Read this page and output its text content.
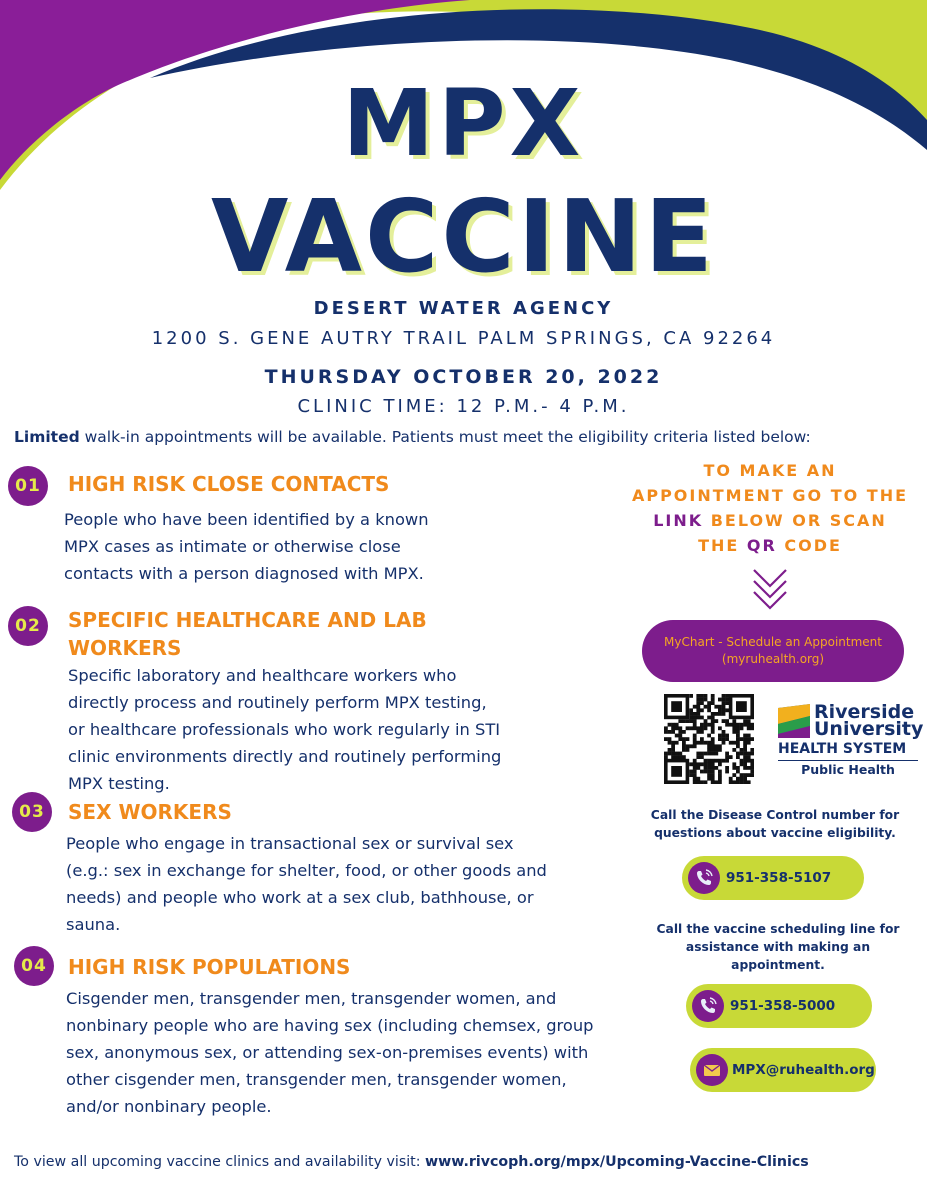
MPX
VACCINE
DESERT WATER AGENCY
1200 S. GENE AUTRY TRAIL PALM SPRINGS, CA 92264
THURSDAY OCTOBER 20, 2022
CLINIC TIME: 12 P.M.- 4 P.M.
Limited walk-in appointments will be available. Patients must meet the eligibility criteria listed below:
01	HIGH RISK CLOSE CONTACTS
People who have been identified by a known
MPX cases as intimate or otherwise close
contacts with a person diagnosed with MPX.
02	SPECIFIC HEALTHCARE AND LAB
WORKERS
Specific laboratory and healthcare workers who
directly process and routinely perform MPX testing,
or healthcare professionals who work regularly in STI
clinic environments directly and routinely performing
MPX testing.
03	SEX WORKERS
People who engage in transactional sex or survival sex
(e.g.: sex in exchange for shelter, food, or other goods and
needs) and people who work at a sex club, bathhouse, or
sauna.
04	HIGH RISK POPULATIONS
Cisgender men, transgender men, transgender women, and
nonbinary people who are having sex (including chemsex, group
sex, anonymous sex, or attending sex-on-premises events) with
other cisgender men, transgender men, transgender women,
and/or nonbinary people.
TO MAKE AN
APPOINTMENT GO TO THE
LINK BELOW OR SCAN
THE QR CODE
MyChart - Schedule an Appointment
(myruhealth.org)
Riverside
University
HEALTH SYSTEM
Public Health
Call the Disease Control number for
questions about vaccine eligibility.
951-358-5107
Call the vaccine scheduling line for
assistance with making an
appointment.
951-358-5000
MPX@ruhealth.org
To view all upcoming vaccine clinics and availability visit: www.rivcoph.org/mpx/Upcoming-Vaccine-Clinics
